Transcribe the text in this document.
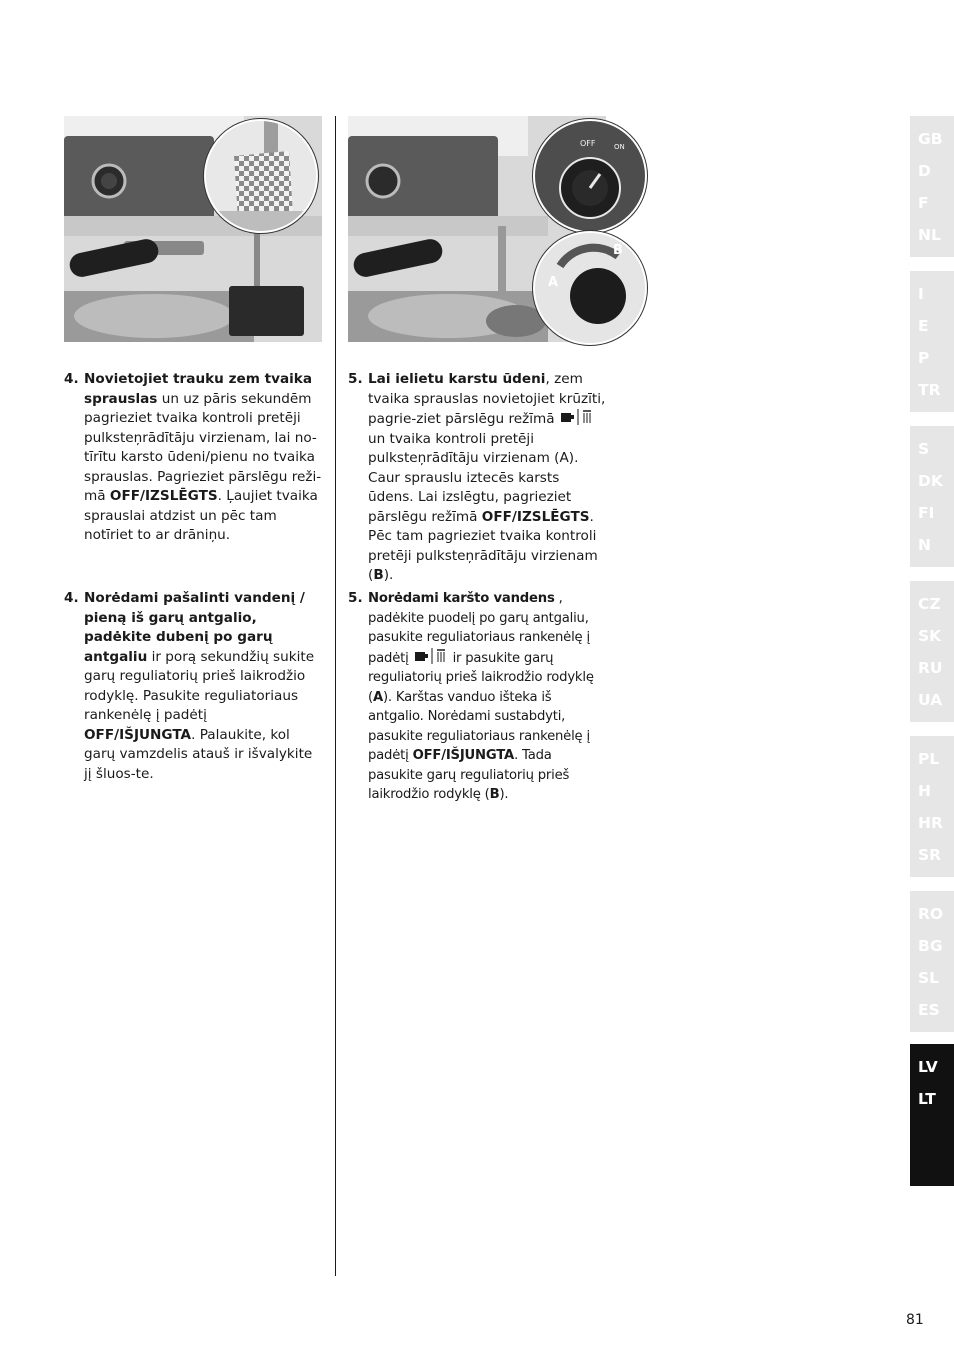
OFF	ON
A
B
4. Novietojiet trauku zem tvaika sprauslas un uz pāris sekundēm pagrieziet tvaika kontroli pretēji pulksteņrādītāju virzienam, lai no-tīrītu karsto ūdeni/pienu no tvaika sprauslas. Pagrieziet pārslēgu reži-mā OFF/IZSLĒGTS. Ļaujiet tvaika sprauslai atdzist un pēc tam notīriet to ar drāniņu.
4. Norėdami pašalinti vandenį / pieną iš garų antgalio, padėkite dubenį po garų antgaliu ir porą sekundžių sukite garų reguliatorių prieš laikrodžio rodyklę. Pasukite reguliatoriaus rankenėlę į padėtį OFF/IŠJUNGTA. Palaukite, kol garų vamzdelis atauš ir išvalykite jį šluos-te.
5. Lai ielietu karstu ūdeni, zem tvaika sprauslas novietojiet krūzīti, pagrie-ziet pārslēgu režīmā  un tvaika kontroli pretēji pulksteņrādītāju virzienam (A). Caur sprauslu iztecēs karsts ūdens. Lai izslēgtu, pagrieziet pārslēgu režīmā OFF/IZSLĒGTS. Pēc tam pagrieziet tvaika kontroli pretēji pulksteņrādītāju virzienam (B).
5. Norėdami karšto vandens , padėkite puodelį po garų antgaliu, pasukite reguliatoriaus rankenėlę į padėtį	ir pasukite garų reguliatorių prieš laikrodžio rodyklę (A). Karštas vanduo išteka iš antgalio. Norėdami sustabdyti, pasukite reguliatoriaus rankenėlę į padėtį OFF/IŠJUNGTA. Tada pasukite garų reguliatorių prieš laikrodžio rodyklę (B).
GB
D
F
NL
I
E
P
TR
S
DK
FI
N
CZ
SK
RU
UA
PL
H
HR
SR
RO
BG
SL
ES
LV
LT
81
